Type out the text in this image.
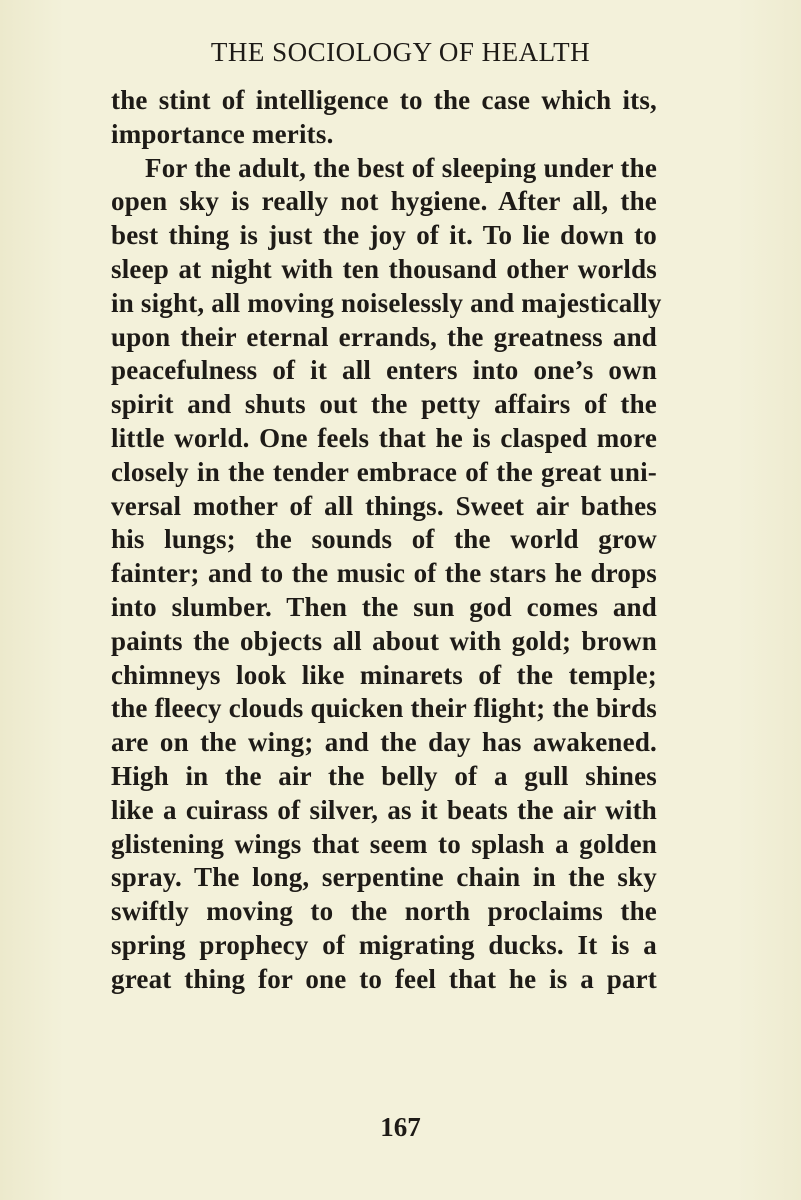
THE SOCIOLOGY OF HEALTH
the stint of intelligence to the case which its,
importance merits.
For the adult, the best of sleeping under the
open sky is really not hygiene. After all, the
best thing is just the joy of it. To lie down to
sleep at night with ten thousand other worlds
in sight, all moving noiselessly and majestically
upon their eternal errands, the greatness and
peacefulness of it all enters into one’s own
spirit and shuts out the petty affairs of the
little world. One feels that he is clasped more
closely in the tender embrace of the great uni-
versal mother of all things. Sweet air bathes
his lungs; the sounds of the world grow
fainter; and to the music of the stars he drops
into slumber. Then the sun god comes and
paints the objects all about with gold; brown
chimneys look like minarets of the temple;
the fleecy clouds quicken their flight; the birds
are on the wing; and the day has awakened.
High in the air the belly of a gull shines
like a cuirass of silver, as it beats the air with
glistening wings that seem to splash a golden
spray. The long, serpentine chain in the sky
swiftly moving to the north proclaims the
spring prophecy of migrating ducks. It is a
great thing for one to feel that he is a part
167
